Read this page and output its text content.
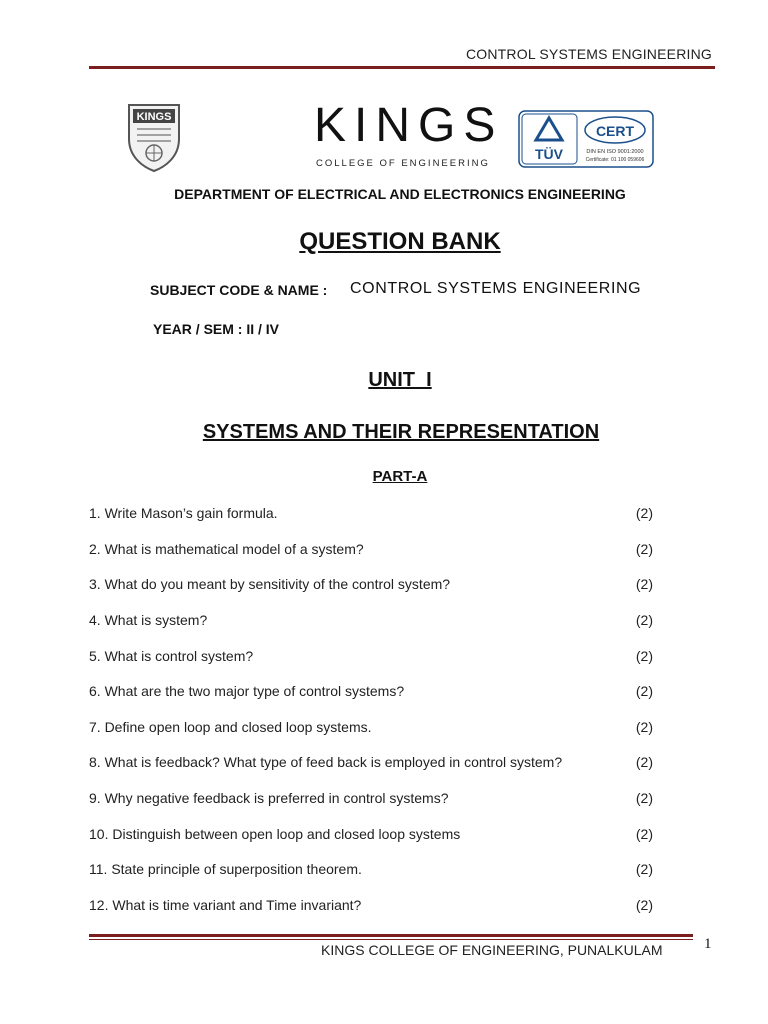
CONTROL SYSTEMS ENGINEERING
KINGS	KINGS
COLLEGE OF ENGINEERING
TÜV
CERT
DIN EN ISO 9001:2000
Certificate: 01 100 059606
DEPARTMENT OF ELECTRICAL AND ELECTRONICS ENGINEERING
QUESTION BANK
SUBJECT CODE & NAME : CONTROL SYSTEMS ENGINEERING
YEAR / SEM : II / IV
UNIT  I
SYSTEMS AND THEIR REPRESENTATION
PART-A
1. Write Mason’s gain formula.	(2)
2. What is mathematical model of a system?	(2)
3. What do you meant by sensitivity of the control system?	(2)
4. What is system?	(2)
5. What is control system?	(2)
6. What are the two major type of control systems?	(2)
7. Define open loop and closed loop systems.	(2)
8. What is feedback? What type of feed back is employed in control system?	(2)
9. Why negative feedback is preferred in control systems?	(2)
10. Distinguish between open loop and closed loop systems	(2)
11. State principle of superposition theorem.	(2)
12. What is time variant and Time invariant?	(2)
KINGS COLLEGE OF ENGINEERING, PUNALKULAM	1
